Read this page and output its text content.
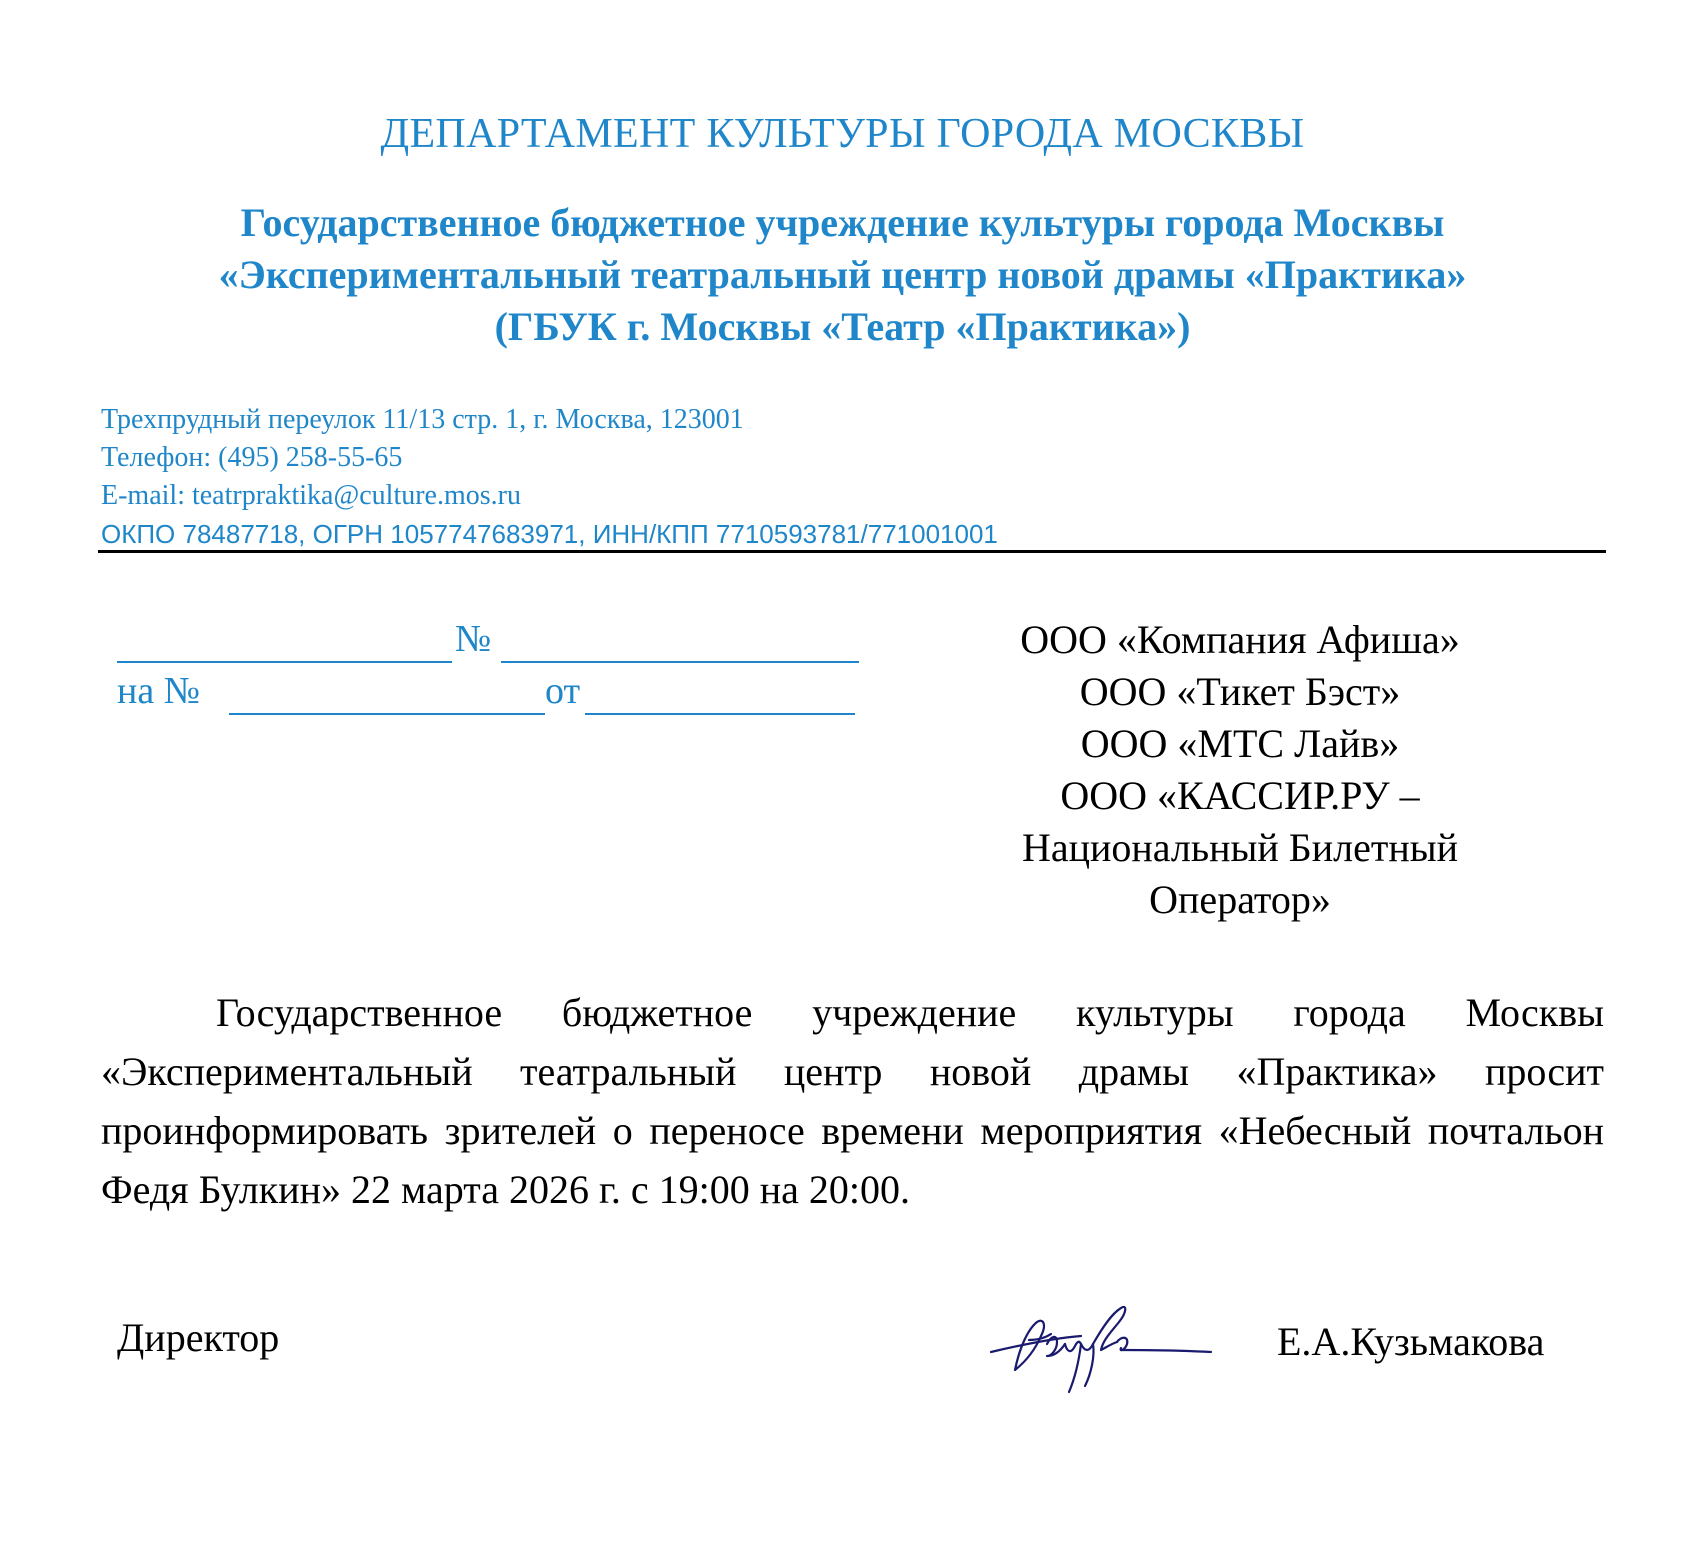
ДЕПАРТАМЕНТ КУЛЬТУРЫ ГОРОДА МОСКВЫ
Государственное бюджетное учреждение культуры города Москвы
«Экспериментальный театральный центр новой драмы «Практика»
(ГБУК г. Москвы «Театр «Практика»)
Трехпрудный переулок 11/13 стр. 1, г. Москва, 123001
Телефон: (495) 258-55-65
E-mail: teatrpraktika@culture.mos.ru
ОКПО 78487718, ОГРН 1057747683971, ИНН/КПП 7710593781/771001001
№
на №	от
ООО «Компания Афиша»
ООО «Тикет Бэст»
ООО «МТС Лайв»
ООО «КАССИР.РУ –
Национальный Билетный
Оператор»
Государственное бюджетное учреждение культуры города Москвы «Экспериментальный театральный центр новой драмы «Практика» просит проинформировать зрителей о переносе времени мероприятия «Небесный почтальон Федя Булкин» 22 марта 2026 г. с 19:00 на 20:00.
Директор	Е.А.Кузьмакова
